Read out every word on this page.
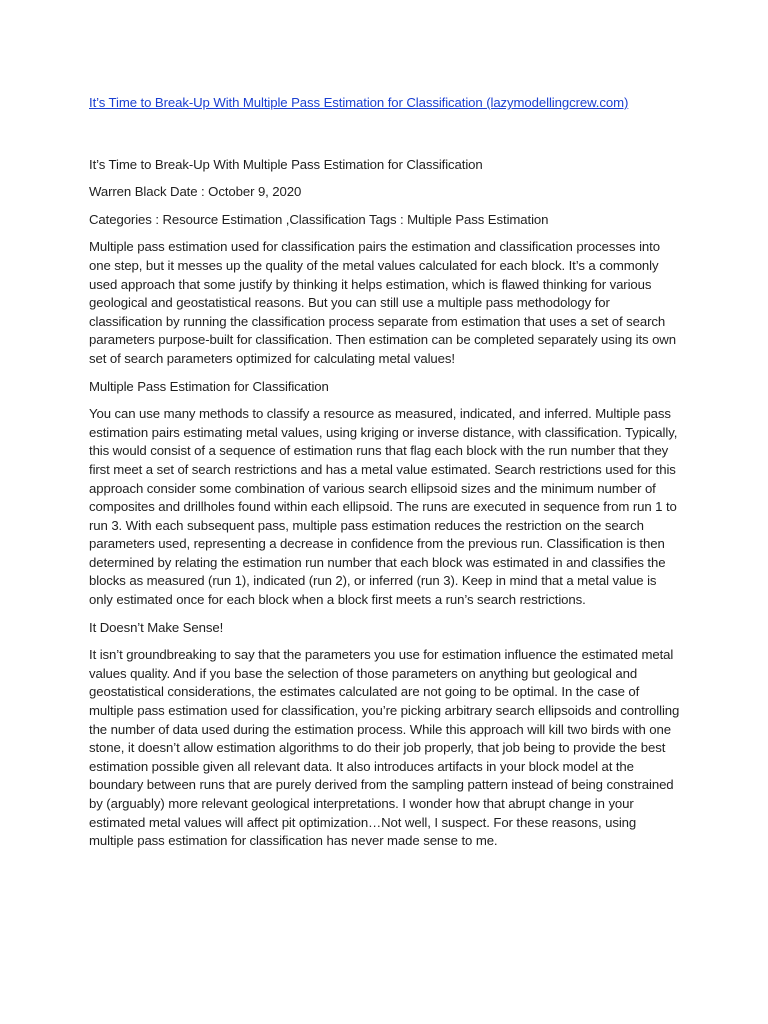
It’s Time to Break-Up With Multiple Pass Estimation for Classification (lazymodellingcrew.com)

It’s Time to Break-Up With Multiple Pass Estimation for Classification

Warren Black Date : October 9, 2020

Categories : Resource Estimation ,Classification Tags : Multiple Pass Estimation

Multiple pass estimation used for classification pairs the estimation and classification processes into one step, but it messes up the quality of the metal values calculated for each block. It’s a commonly used approach that some justify by thinking it helps estimation, which is flawed thinking for various geological and geostatistical reasons. But you can still use a multiple pass methodology for classification by running the classification process separate from estimation that uses a set of search parameters purpose-built for classification. Then estimation can be completed separately using its own set of search parameters optimized for calculating metal values!

Multiple Pass Estimation for Classification

You can use many methods to classify a resource as measured, indicated, and inferred. Multiple pass estimation pairs estimating metal values, using kriging or inverse distance, with classification. Typically, this would consist of a sequence of estimation runs that flag each block with the run number that they first meet a set of search restrictions and has a metal value estimated. Search restrictions used for this approach consider some combination of various search ellipsoid sizes and the minimum number of composites and drillholes found within each ellipsoid. The runs are executed in sequence from run 1 to run 3. With each subsequent pass, multiple pass estimation reduces the restriction on the search parameters used, representing a decrease in confidence from the previous run. Classification is then determined by relating the estimation run number that each block was estimated in and classifies the blocks as measured (run 1), indicated (run 2), or inferred (run 3). Keep in mind that a metal value is only estimated once for each block when a block first meets a run’s search restrictions.

It Doesn’t Make Sense!

It isn’t groundbreaking to say that the parameters you use for estimation influence the estimated metal values quality. And if you base the selection of those parameters on anything but geological and geostatistical considerations, the estimates calculated are not going to be optimal. In the case of multiple pass estimation used for classification, you’re picking arbitrary search ellipsoids and controlling the number of data used during the estimation process. While this approach will kill two birds with one stone, it doesn’t allow estimation algorithms to do their job properly, that job being to provide the best estimation possible given all relevant data. It also introduces artifacts in your block model at the boundary between runs that are purely derived from the sampling pattern instead of being constrained by (arguably) more relevant geological interpretations. I wonder how that abrupt change in your estimated metal values will affect pit optimization…Not well, I suspect. For these reasons, using multiple pass estimation for classification has never made sense to me.
